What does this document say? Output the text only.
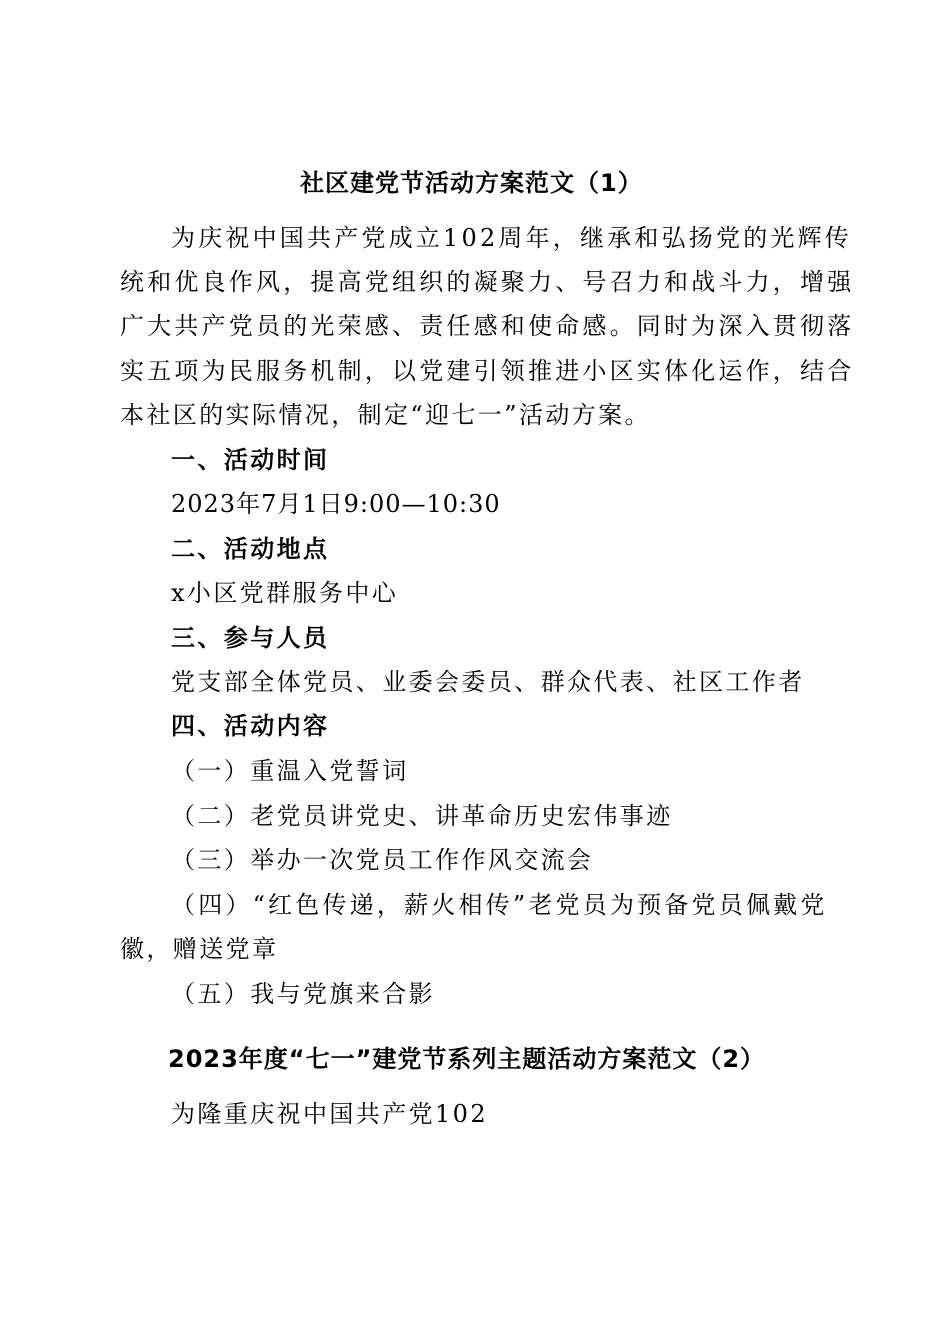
社区建党节活动方案范文（1）
为庆祝中国共产党成立102周年，继承和弘扬党的光辉传
统和优良作风，提高党组织的凝聚力、号召力和战斗力，增强
广大共产党员的光荣感、责任感和使命感。同时为深入贯彻落
实五项为民服务机制，以党建引领推进小区实体化运作，结合
本社区的实际情况，制定“迎七一”活动方案。
一、活动时间
2023年7月1日9:00—10:30
二、活动地点
x小区党群服务中心
三、参与人员
党支部全体党员、业委会委员、群众代表、社区工作者
四、活动内容
（一）重温入党誓词
（二）老党员讲党史、讲革命历史宏伟事迹
（三）举办一次党员工作作风交流会
（四）“红色传递，薪火相传”老党员为预备党员佩戴党
徽，赠送党章
（五）我与党旗来合影
2023年度“七一”建党节系列主题活动方案范文（2）
为隆重庆祝中国共产党102
